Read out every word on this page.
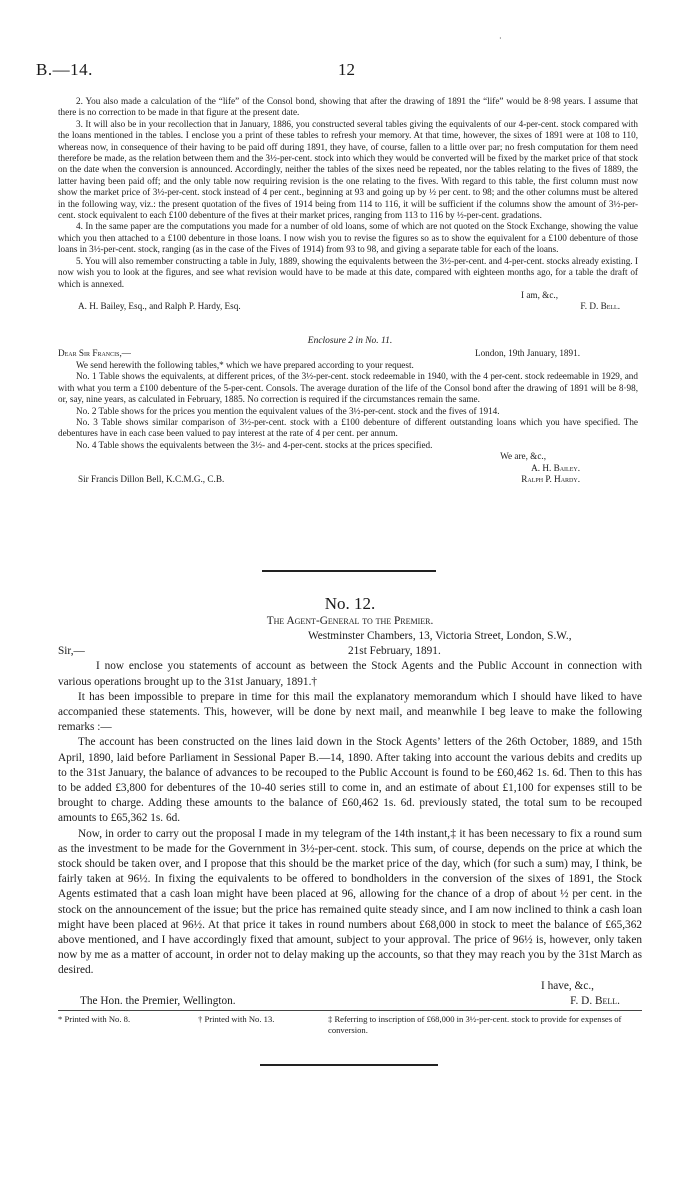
·
B.—14.	12

2. You also made a calculation of the “life” of the Consol bond, showing that after the drawing of 1891 the “life” would be 8·98 years. I assume that there is no correction to be made in that figure at the present date.

3. It will also be in your recollection that in January, 1886, you constructed several tables giving the equivalents of our 4-per-cent. stock compared with the loans mentioned in the tables. I enclose you a print of these tables to refresh your memory. At that time, however, the sixes of 1891 were at 108 to 110, whereas now, in consequence of their having to be paid off during 1891, they have, of course, fallen to a little over par; no fresh computation for them need therefore be made, as the relation between them and the 3½-per-cent. stock into which they would be converted will be fixed by the market price of that stock on the date when the conversion is announced. Accordingly, neither the tables of the sixes need be repeated, nor the tables relating to the fives of 1889, the latter having been paid off; and the only table now requiring revision is the one relating to the fives. With regard to this table, the first column must now show the market price of 3½-per-cent. stock instead of 4 per cent., beginning at 93 and going up by ½ per cent. to 98; and the other columns must be altered in the following way, viz.: the present quotation of the fives of 1914 being from 114 to 116, it will be sufficient if the columns show the amount of 3½-per-cent. stock equivalent to each £100 debenture of the fives at their market prices, ranging from 113 to 116 by ½-per-cent. gradations.

4. In the same paper are the computations you made for a number of old loans, some of which are not quoted on the Stock Exchange, showing the value which you then attached to a £100 debenture in those loans. I now wish you to revise the figures so as to show the equivalent for a £100 debenture of those loans in 3½-per-cent. stock, ranging (as in the case of the Fives of 1914) from 93 to 98, and giving a separate table for each of the loans.

5. You will also remember constructing a table in July, 1889, showing the equivalents between the 3½-per-cent. and 4-per-cent. stocks already existing. I now wish you to look at the figures, and see what revision would have to be made at this date, compared with eighteen months ago, for a table the draft of which is annexed.

I am, &c.,
A. H. Bailey, Esq., and Ralph P. Hardy, Esq.	F. D. Bell.
Enclosure 2 in No. 11.
Dear Sir Francis,—	London, 19th January, 1891.

We send herewith the following tables,* which we have prepared according to your request.

No. 1 Table shows the equivalents, at different prices, of the 3½-per-cent. stock redeemable in 1940, with the 4 per-cent. stock redeemable in 1929, and with what you term a £100 debenture of the 5-per-cent. Consols. The average duration of the life of the Consol bond after the drawing of 1891 will be 8·98, or, say, nine years, as calculated in February, 1885. No correction is required if the circumstances remain the same.

No. 2 Table shows for the prices you mention the equivalent values of the 3½-per-cent. stock and the fives of 1914.

No. 3 Table shows similar comparison of 3½-per-cent. stock with a £100 debenture of different outstanding loans which you have specified. The debentures have in each case been valued to pay interest at the rate of 4 per cent. per annum.

No. 4 Table shows the equivalents between the 3½- and 4-per-cent. stocks at the prices specified.

We are, &c.,
A. H. Bailey.
Sir Francis Dillon Bell, K.C.M.G., C.B.	Ralph P. Hardy.
No. 12.
The Agent-General to the Premier.
Westminster Chambers, 13, Victoria Street, London, S.W.,
Sir,—	21st February, 1891.

I now enclose you statements of account as between the Stock Agents and the Public Account in connection with various operations brought up to the 31st January, 1891.†

It has been impossible to prepare in time for this mail the explanatory memorandum which I should have liked to have accompanied these statements. This, however, will be done by next mail, and meanwhile I beg leave to make the following remarks :—

The account has been constructed on the lines laid down in the Stock Agents’ letters of the 26th October, 1889, and 15th April, 1890, laid before Parliament in Sessional Paper B.—14, 1890. After taking into account the various debits and credits up to the 31st January, the balance of advances to be recouped to the Public Account is found to be £60,462 1s. 6d. Then to this has to be added £3,800 for debentures of the 10-40 series still to come in, and an estimate of about £1,100 for expenses still to be brought to charge. Adding these amounts to the balance of £60,462 1s. 6d. previously stated, the total sum to be recouped amounts to £65,362 1s. 6d.

Now, in order to carry out the proposal I made in my telegram of the 14th instant,‡ it has been necessary to fix a round sum as the investment to be made for the Government in 3½-per-cent. stock. This sum, of course, depends on the price at which the stock should be taken over, and I propose that this should be the market price of the day, which (for such a sum) may, I think, be fairly taken at 96½. In fixing the equivalents to be offered to bondholders in the conversion of the sixes of 1891, the Stock Agents estimated that a cash loan might have been placed at 96, allowing for the chance of a drop of about ½ per cent. in the stock on the announcement of the issue; but the price has remained quite steady since, and I am now inclined to think a cash loan might have been placed at 96½. At that price it takes in round numbers about £68,000 in stock to meet the balance of £65,362 above mentioned, and I have accordingly fixed that amount, subject to your approval. The price of 96½ is, however, only taken now by me as a matter of account, in order not to delay making up the accounts, so that they may reach you by the 31st March as desired.

I have, &c.,
The Hon. the Premier, Wellington.	F. D. Bell.
* Printed with No. 8.	† Printed with No. 13.	‡ Referring to inscription of £68,000 in 3½-per-cent. stock to provide for expenses of conversion.
